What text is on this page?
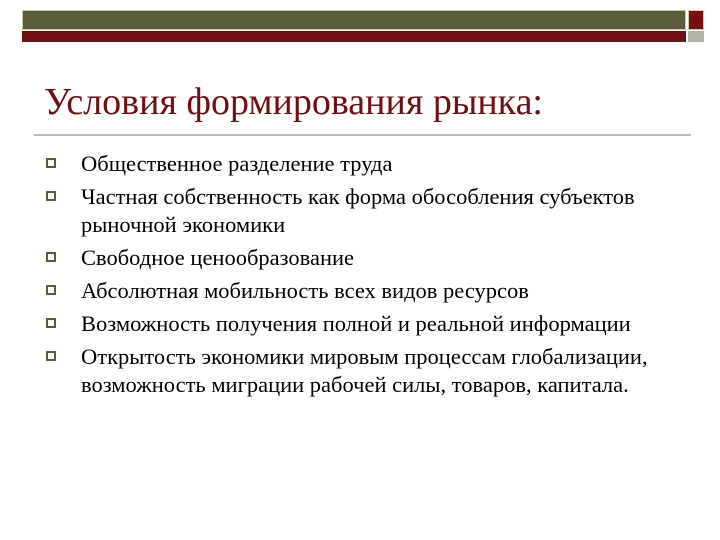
Условия формирования рынка:
Общественное разделение труда
Частная собственность как форма обособления субъектов рыночной экономики
Свободное ценообразование
Абсолютная мобильность всех видов ресурсов
Возможность получения полной и реальной информации
Открытость экономики мировым процессам глобализации, возможность миграции рабочей силы, товаров, капитала.
